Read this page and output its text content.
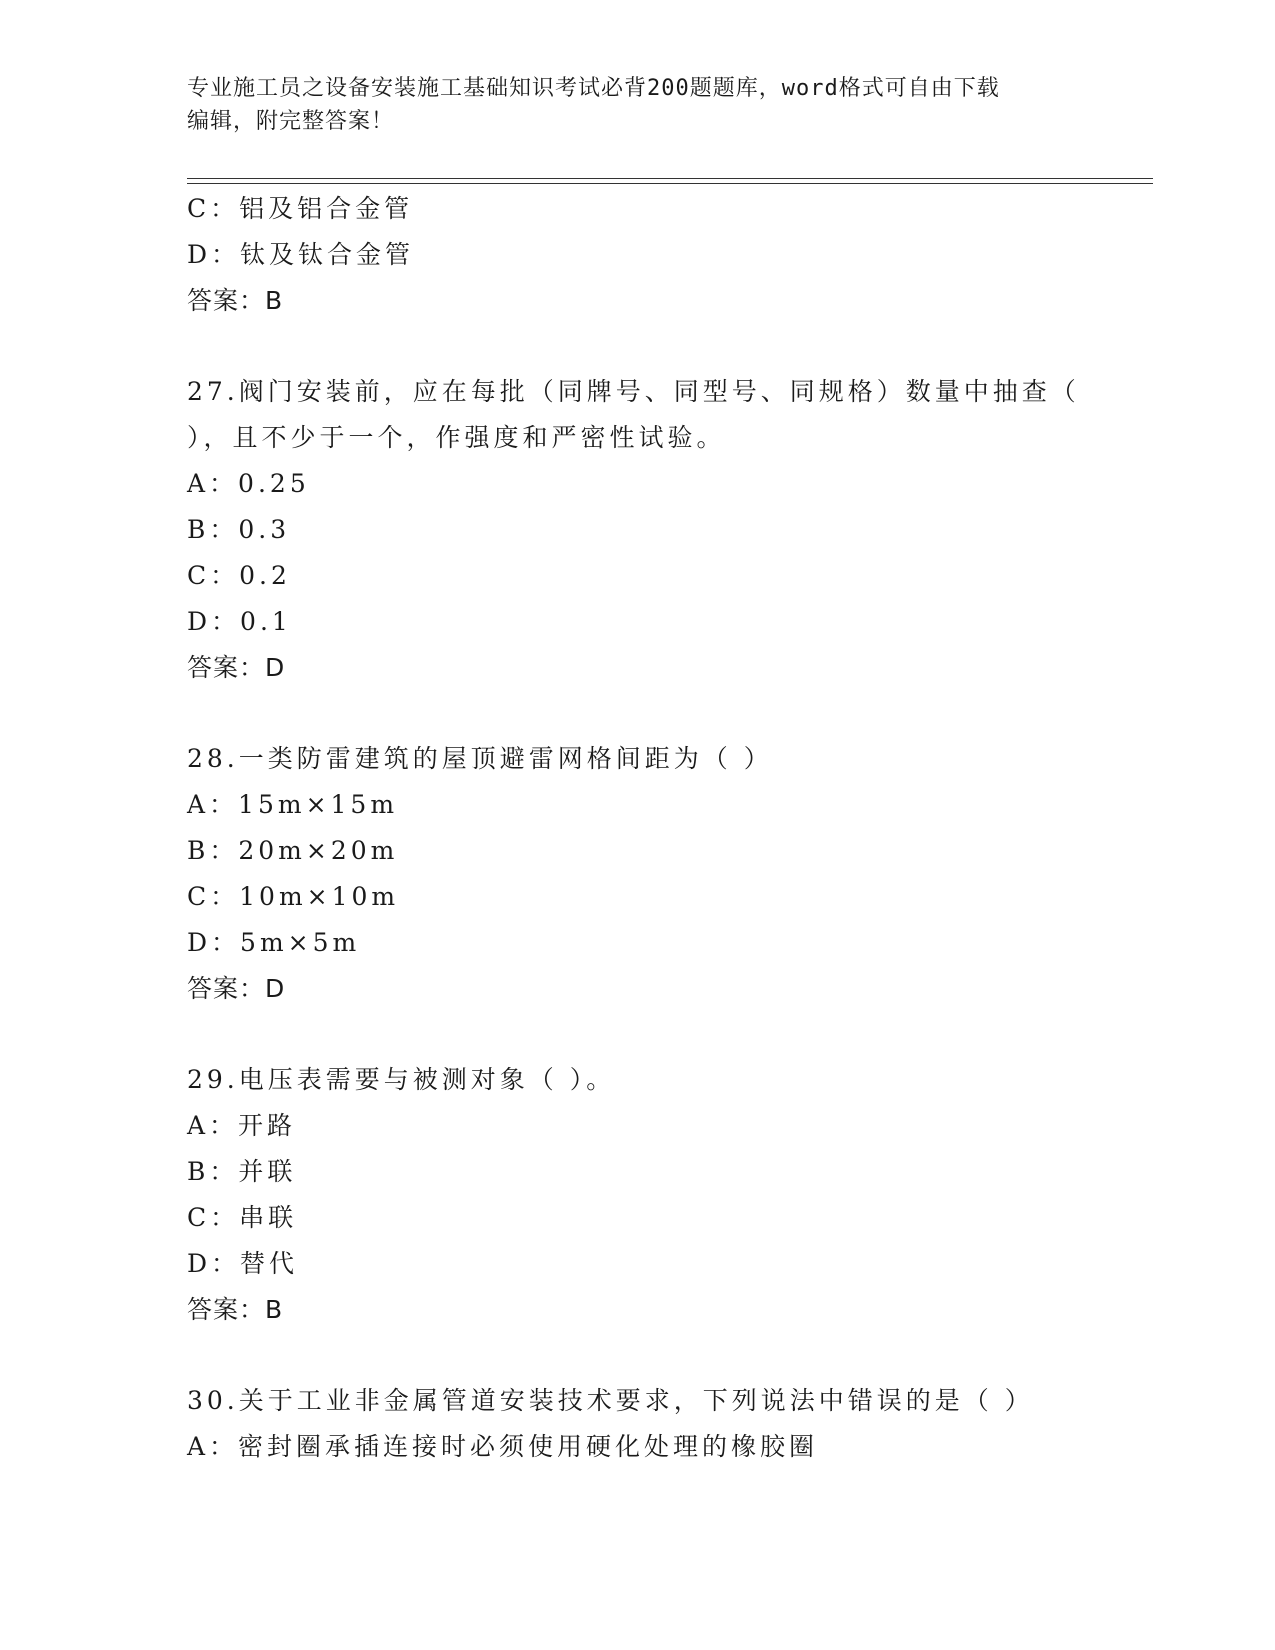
专业施工员之设备安装施工基础知识考试必背200题题库，word格式可自由下载
编辑，附完整答案！
C：铝及铝合金管
D：钛及钛合金管
答案：B
27.阀门安装前，应在每批（同牌号、同型号、同规格）数量中抽查（
），且不少于一个，作强度和严密性试验。
A：0.25
B：0.3
C：0.2
D：0.1
答案：D
28.一类防雷建筑的屋顶避雷网格间距为（ ）
A：15m×15m
B：20m×20m
C：10m×10m
D：5m×5m
答案：D
29.电压表需要与被测对象（ ）。
A：开路
B：并联
C：串联
D：替代
答案：B
30.关于工业非金属管道安装技术要求，下列说法中错误的是（ ）
A：密封圈承插连接时必须使用硬化处理的橡胶圈
